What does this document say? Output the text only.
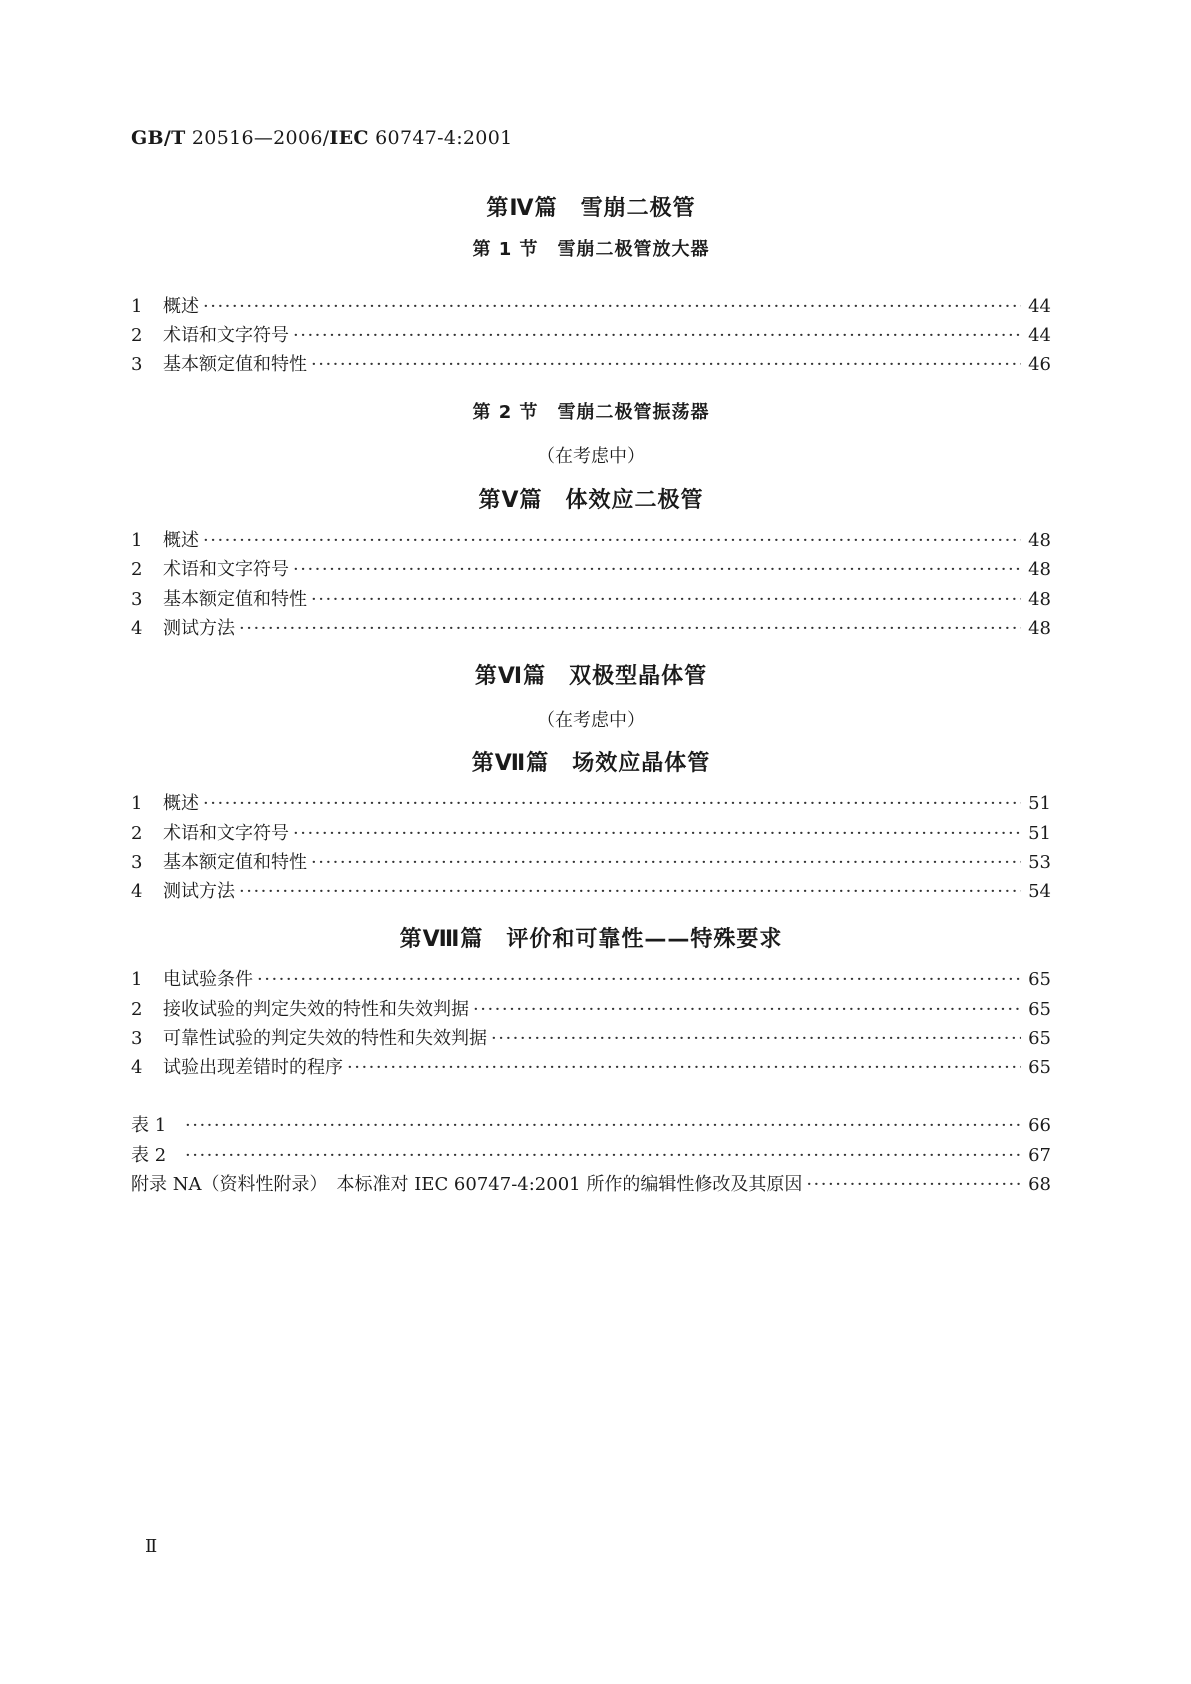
GB/T 20516—2006/IEC 60747-4:2001
第Ⅳ篇　雪崩二极管
第 1 节　雪崩二极管放大器
1	概述 ·····	44
2	术语和文字符号 ·····	44
3	基本额定值和特性 ·····	46
第 2 节　雪崩二极管振荡器
（在考虑中）
第Ⅴ篇　体效应二极管
1	概述 ·····	48
2	术语和文字符号 ·····	48
3	基本额定值和特性 ·····	48
4	测试方法 ·····	48
第Ⅵ篇　双极型晶体管
（在考虑中）
第Ⅶ篇　场效应晶体管
1	概述 ·····	51
2	术语和文字符号 ·····	51
3	基本额定值和特性 ·····	53
4	测试方法 ·····	54
第Ⅷ篇　评价和可靠性——特殊要求
1	电试验条件 ·····	65
2	接收试验的判定失效的特性和失效判据 ·····	65
3	可靠性试验的判定失效的特性和失效判据 ·····	65
4	试验出现差错时的程序 ·····	65
表 1 ·····	66
表 2 ·····	67
附录 NA（资料性附录）　本标准对 IEC 60747-4:2001 所作的编辑性修改及其原因 ·····	68
Ⅱ
